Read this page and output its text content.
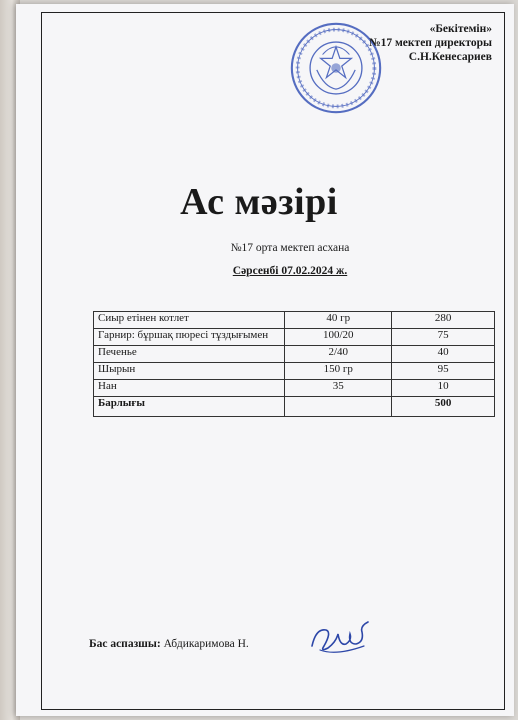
«Бекітемін»
№17 мектеп директоры
С.Н.Кенесариев
Ас мәзірі
№17 орта мектеп асхана
Сәрсенбі 07.02.2024 ж.
Сиыр етінен котлет	40 гр	280
Гарнир: бұршақ пюресі тұздығымен	100/20	75
Печенье	2/40	40
Шырын	150 гр	95
Нан	35	10
Барлығы		500
Бас аспазшы: Абдикаримова Н.
